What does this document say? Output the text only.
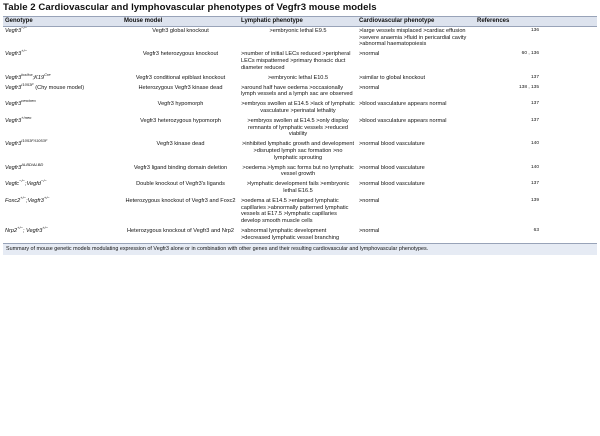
Table 2 Cardiovascular and lymphovascular phenotypes of Vegfr3 mouse models
Genotype	Mouse model	Lymphatic phenotype	Cardiovascular phenotype	References
Vegfr3−/−	Vegfr3 global knockout	>embryonic lethal E9.5	>large vessels misplaced >cardiac effusion >severe anaemia >fluid in pericardial cavity >abnormal haematopoiesis	136
Vegfr3+/−	Vegfr3 heterozygous knockout	>number of initial LECs reduced >peripheral LECs mispatterned >primary thoracic duct diameter reduced	>normal	60 , 136
$Vegfr3^{lox/lox};K19^{Cre}$	Vegfr3 conditional epiblast knockout	>embryonic lethal E10.5	>similar to global knockout	137
$Vegfr3^{I1053F}$ (Chy mouse model)	Heterozygous Vegfr3 kinase dead	>around half have oedema >occasionally lymph vessels and a lymph sac are observed	>normal	138 , 135
$Vegfr3^{neo/neo}$	Vegfr3 hypomorph	>embryos swollen at E14.5 >lack of lymphatic vasculature >perinatal lethality	>blood vasculature appears normal	137
$Vegfr3^{+/neo}$	Vegfr3 heterozygous hypomorph	>embryos swollen at E14.5 >only display remnants of lymphatic vessels >reduced viability	>blood vasculature appears normal	137
$Vegfr3^{I1053F/I1053F}$	Vegfr3 kinase dead	>inhibited lymphatic growth and development >disrupted lymph sac formation >no lymphatic sprouting	>normal blood vasculature	140
$Vegfr3^{\Delta LBD/\Delta LBD}$	Vegfr3 ligand binding domain deletion	>oedema >lymph sac forms but no lymphatic vessel growth	>normal blood vasculature	140
Vegfc−/−;Vegfd−/−	Double knockout of Vegfr3's ligands	>lymphatic development fails >embryonic lethal E16.5	>normal blood vasculature	137
Foxc2+/−;Vegfr3+/−	Heterozygous knockout of Vegfr3 and Foxc2	>oedema at E14.5 >enlarged lymphatic capillaries >abnormally patterned lymphatic vessels at E17.5 >lymphatic capillaries develop smooth muscle cells	>normal	139
Nrp2+/−; Vegfr3+/−	Heterozygous knockout of Vegfr3 and Nrp2	>abnormal lymphatic development >decreased lymphatic vessel branching	>normal	63
Summary of mouse genetic models modulating expression of Vegfr3 alone or in combination with other genes and their resulting cardiovascular and lymphovascular phenotypes.				
